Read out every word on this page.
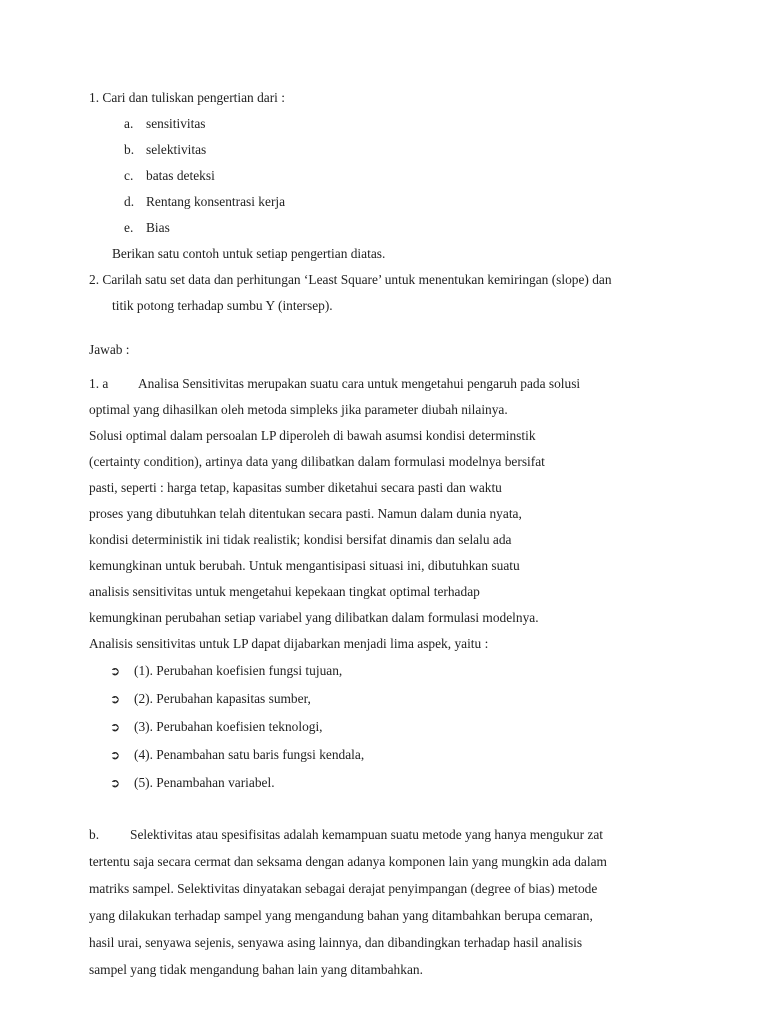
1. Cari dan tuliskan pengertian dari :
a. sensitivitas
b. selektivitas
c. batas deteksi
d. Rentang konsentrasi kerja
e. Bias
Berikan satu contoh untuk setiap pengertian diatas.
2. Carilah satu set data dan perhitungan ‘Least Square’ untuk menentukan kemiringan (slope) dan
titik potong terhadap sumbu Y (intersep).
Jawab :
1. a Analisa Sensitivitas merupakan suatu cara untuk mengetahui pengaruh pada solusi
optimal yang dihasilkan oleh metoda simpleks jika parameter diubah nilainya.
Solusi optimal dalam persoalan LP diperoleh di bawah asumsi kondisi determinstik
(certainty condition), artinya data yang dilibatkan dalam formulasi modelnya bersifat
pasti, seperti : harga tetap, kapasitas sumber diketahui secara pasti dan waktu
proses yang dibutuhkan telah ditentukan secara pasti. Namun dalam dunia nyata,
kondisi deterministik ini tidak realistik; kondisi bersifat dinamis dan selalu ada
kemungkinan untuk berubah. Untuk mengantisipasi situasi ini, dibutuhkan suatu
analisis sensitivitas untuk mengetahui kepekaan tingkat optimal terhadap
kemungkinan perubahan setiap variabel yang dilibatkan dalam formulasi modelnya.
Analisis sensitivitas untuk LP dapat dijabarkan menjadi lima aspek, yaitu :
➲ (1). Perubahan koefisien fungsi tujuan,
➲ (2). Perubahan kapasitas sumber,
➲ (3). Perubahan koefisien teknologi,
➲ (4). Penambahan satu baris fungsi kendala,
➲ (5). Penambahan variabel.
b. Selektivitas atau spesifisitas adalah kemampuan suatu metode yang hanya mengukur zat
tertentu saja secara cermat dan seksama dengan adanya komponen lain yang mungkin ada dalam
matriks sampel. Selektivitas dinyatakan sebagai derajat penyimpangan (degree of bias) metode
yang dilakukan terhadap sampel yang mengandung bahan yang ditambahkan berupa cemaran,
hasil urai, senyawa sejenis, senyawa asing lainnya, dan dibandingkan terhadap hasil analisis
sampel yang tidak mengandung bahan lain yang ditambahkan.
